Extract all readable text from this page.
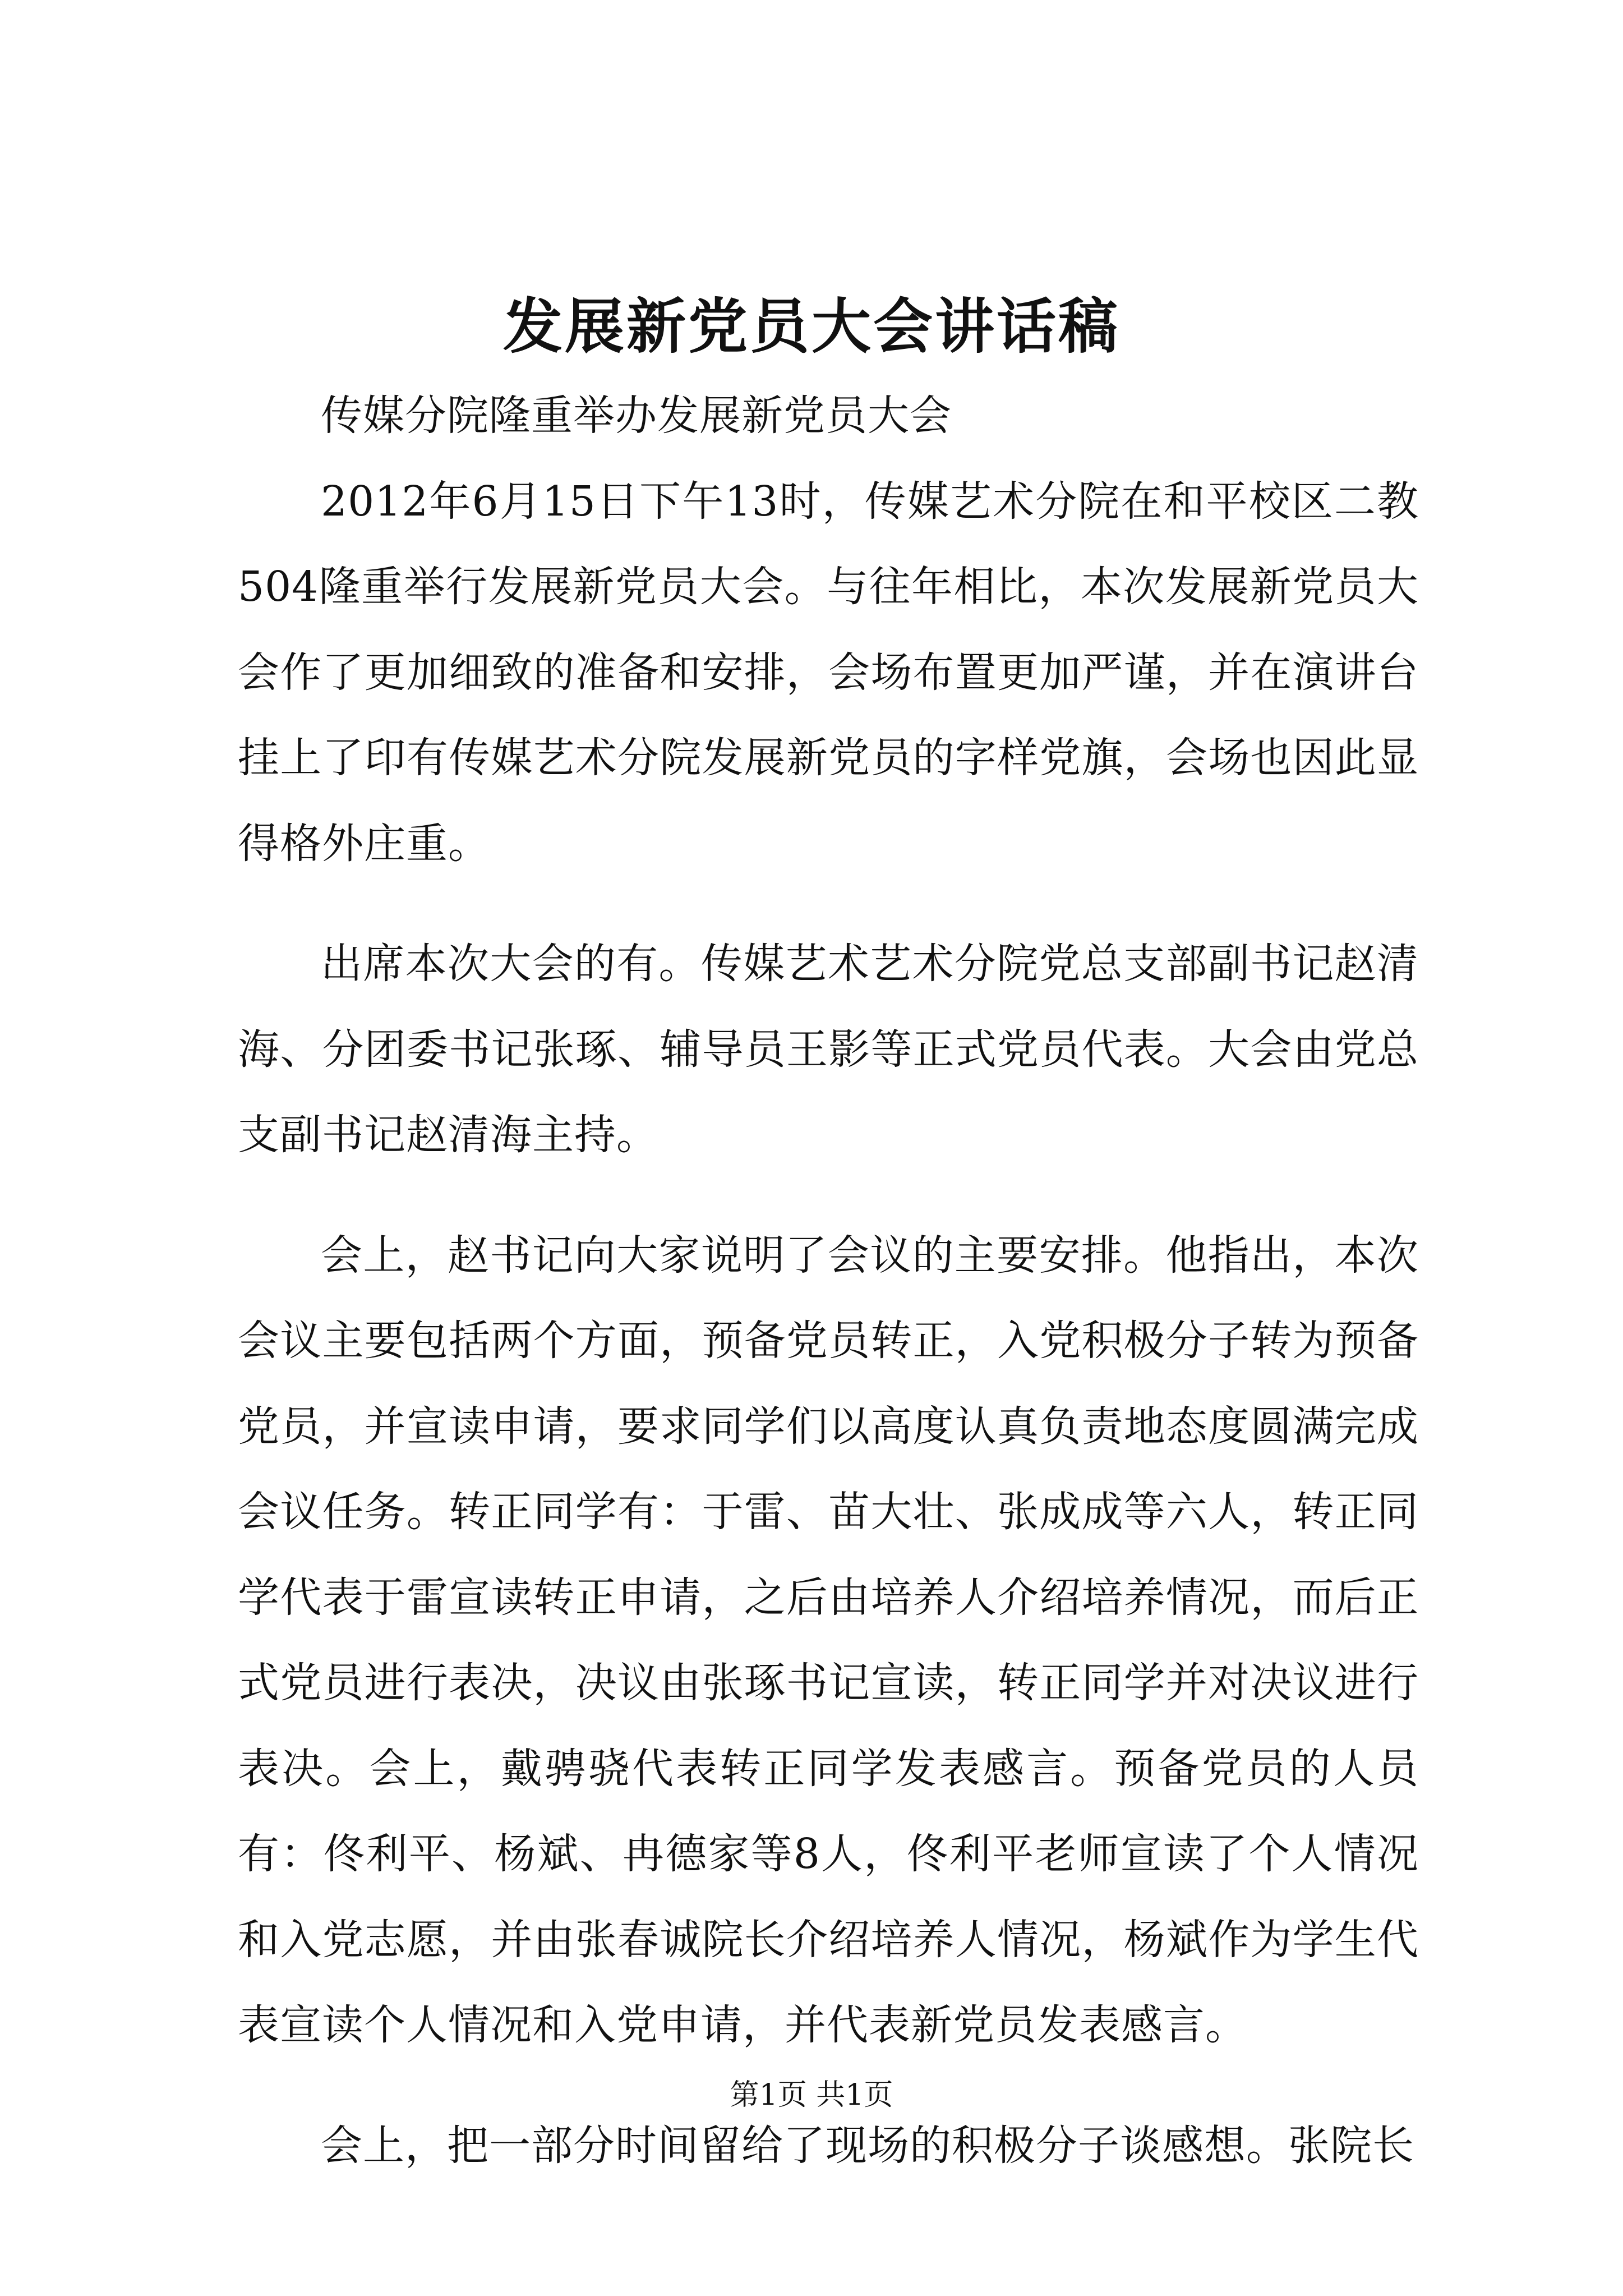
发展新党员大会讲话稿

传媒分院隆重举办发展新党员大会

2012年6月15日下午13时，传媒艺术分院在和平校区二教504隆重举行发展新党员大会。与往年相比，本次发展新党员大会作了更加细致的准备和安排，会场布置更加严谨，并在演讲台挂上了印有传媒艺术分院发展新党员的字样党旗，会场也因此显得格外庄重。

出席本次大会的有。传媒艺术艺术分院党总支部副书记赵清海、分团委书记张琢、辅导员王影等正式党员代表。大会由党总支副书记赵清海主持。

会上，赵书记向大家说明了会议的主要安排。他指出，本次会议主要包括两个方面，预备党员转正，入党积极分子转为预备党员，并宣读申请，要求同学们以高度认真负责地态度圆满完成会议任务。转正同学有：于雷、苗大壮、张成成等六人，转正同学代表于雷宣读转正申请，之后由培养人介绍培养情况，而后正式党员进行表决，决议由张琢书记宣读，转正同学并对决议进行表决。会上，戴骋骁代表转正同学发表感言。预备党员的人员有：佟利平、杨斌、冉德家等8人，佟利平老师宣读了个人情况和入党志愿，并由张春诚院长介绍培养人情况，杨斌作为学生代表宣读个人情况和入党申请，并代表新党员发表感言。

会上，把一部分时间留给了现场的积极分子谈感想。张院长

第1页 共1页
